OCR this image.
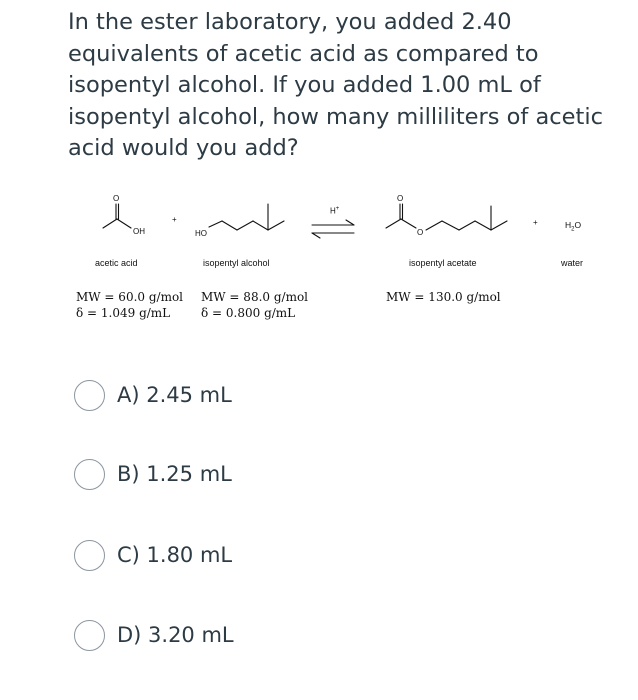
In the ester laboratory, you added 2.40
equivalents of acetic acid as compared to
isopentyl alcohol. If you added 1.00 mL of
isopentyl alcohol, how many milliliters of acetic
acid would you add?
O
OH
+
HO
H+
O
O
+	$H_2O$
acetic acid	isopentyl alcohol	isopentyl acetate	water
MW = 60.0 g/mol
δ = 1.049 g/mL
MW = 88.0 g/mol
δ = 0.800 g/mL
MW = 130.0 g/mol
A) 2.45 mL
B) 1.25 mL
C) 1.80 mL
D) 3.20 mL
